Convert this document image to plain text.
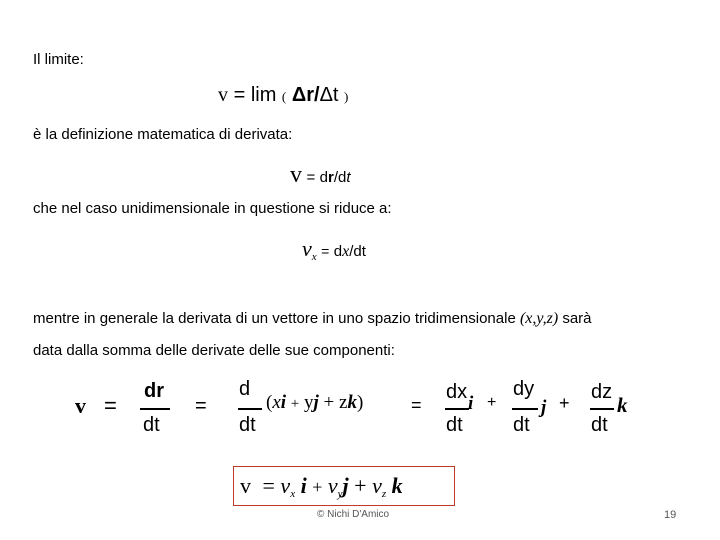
Il limite:
v = lim ( Δr/Δt )
è la definizione matematica di derivata:
v = dr/dt
che nel caso unidimensionale in questione si riduce a:
$v_x = dx/dt$
mentre in generale la derivata di un vettore in uno spazio tridimensionale (x,y,z) sarà
data dalla somma delle derivate delle sue componenti:
v =
dr
dt
=
d
dt
(xi + yj + zk)	=
dx
dt
i +
dy
dt
j + dz
dt
k
$v = v_x$ $i + v_yj + v_z$ k
© Nichi D'Amico	19
